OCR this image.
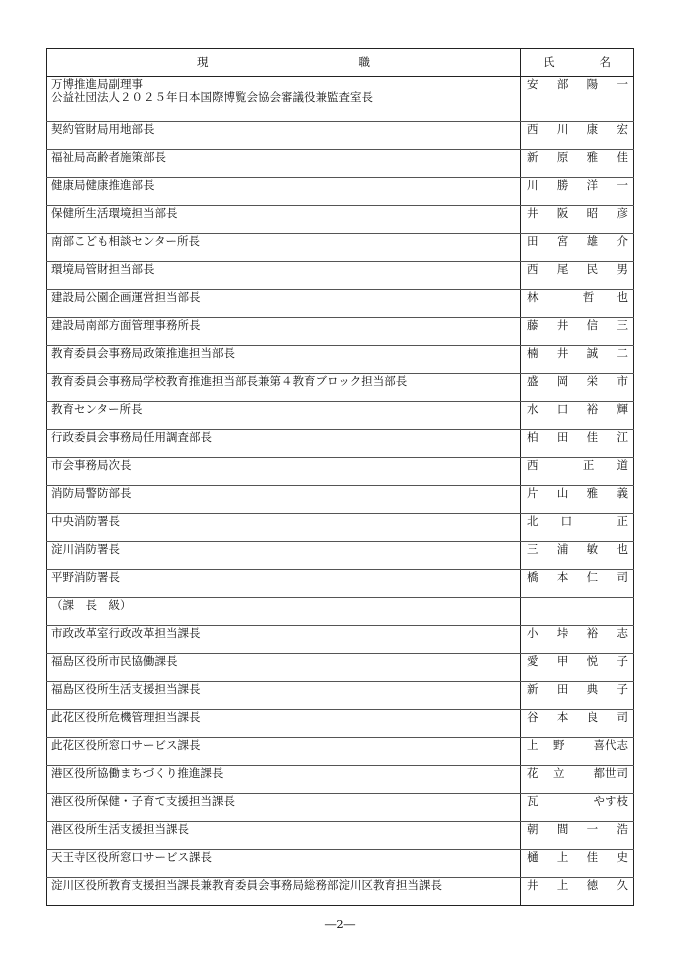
現 職	氏 名

万博推進局副理事
公益社団法人２０２５年日本国際博覧会協会審議役兼監査室長	安 部 陽 一

契約管財局用地部長	西 川 康 宏

福祉局高齢者施策部長	新 原 雅 佳

健康局健康推進部長	川 勝 洋 一

保健所生活環境担当部長	井 阪 昭 彦

南部こども相談センター所長	田 宮 雄 介

環境局管財担当部長	西 尾 民 男

建設局公園企画運営担当部長	林 哲 也

建設局南部方面管理事務所長	藤 井 信 三

教育委員会事務局政策推進担当部長	楠 井 誠 二

教育委員会事務局学校教育推進担当部長兼第４教育ブロック担当部長	盛 岡 栄 市

教育センター所長	水 口 裕 輝

行政委員会事務局任用調査部長	柏 田 佳 江

市会事務局次長	西 正 道

消防局警防部長	片 山 雅 義

中央消防署長	北 口 正

淀川消防署長	三 浦 敏 也

平野消防署長	橋 本 仁 司

（課　長　級）	

市政改革室行政改革担当課長	小 垰 裕 志

福島区役所市民協働課長	愛 甲 悦 子

福島区役所生活支援担当課長	新 田 典 子

此花区役所危機管理担当課長	谷 本 良 司

此花区役所窓口サービス課長	上 野 喜代志

港区役所協働まちづくり推進課長	花 立 都世司

港区役所保健・子育て支援担当課長	瓦 やす枝

港区役所生活支援担当課長	朝 間 一 浩

天王寺区役所窓口サービス課長	樋 上 佳 史

淀川区役所教育支援担当課長兼教育委員会事務局総務部淀川区教育担当課長	井 上 徳 久
―2―
